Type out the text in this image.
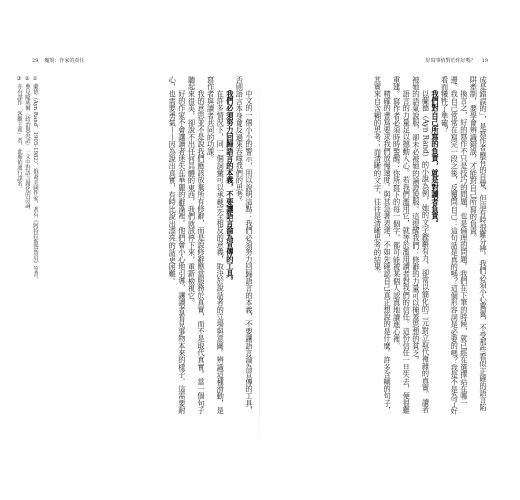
29 魔規：作家的責任	好寫事值對於你好嗎？ 19

成是錯誤的」，是寫作者應有的自覺，但這有時很難分辨。我們必須小心翼翼，不受那些看似正確的語言陷阱牽制，要學會辨識錯誤，才能對自己所寫的負責。

換言之，好的寫作不只是技巧的問題，也是倫理的問題。我們在下筆的時候，就已經在選擇站在哪一邊。我自己常常在寫完一段之後，反覆問自己：這句話是真的嗎？這個形容詞是必要的嗎？我是不是為了好看而犧牲了準確？

我們對自己所寫的負責，就是對讀者負責。

以蘭德（Ayn Rand）的小說為例，她的文字鏗鏘有力，卻常以簡化的二元對立取代複雜的真實。讀者被她的語氣說服，卻未必被她的論證說服。這提醒我們：修辭的力量可以掩蓋思想的貧乏。

語言的力量足以撼動人心。若我們濫用它，就等於濫用讀者對我們的信任。這份信任一旦失去，便很難重建。寫作者必須時時警醒：你所寫下的每一個字，都可能被某個人認真地讀進心裡。

精確的書寫要求我們放慢速度。與其急著表達，不如先確認自己真正想說的是什麼。許多含糊的句子，其實來自含糊的思考；而清晰的文字，往往是清晰思考的結果。

中文的一個小小的警示，用以說明這點：我們必須努力回歸語言的本義，不要讓語言淪為宣傳的工具，否則語言本身會反過來吞噬我們的思考。

我們必須努力回歸語言的本義，不要讓語言淪為宣傳的工具。

在許多情況下，同一個詞彙可以承載完全相反的意義，取決於說話者的立場與意圖。辨識這種滑動，是寫作者與讀者共同的功課。

我的意思並不是說我們應該放棄所有修辭，而是說修辭應當服務於真實，而不是取代真實。當一個句子聽起來很美，卻說不出任何具體的東西，我們就該停下來，重新檢視它。

好的作家不會讓讀者迷失在華麗的辭藻裡。他們會小心地引導，讓讀者看見事物本來的樣子。這需要耐心，也需要勇氣——因為說出真實，有時比說出漂亮的話更困難。

① 蘭德（Ayn Rand，1905-1982），俄裔美國作家，著有《阿特拉斯聳聳肩》等書。

② 參見歐威爾〈政治與英語〉一文中對語言腐化的討論。

③ 亦有譯作「客觀主義」者，此處依通行譯名。
